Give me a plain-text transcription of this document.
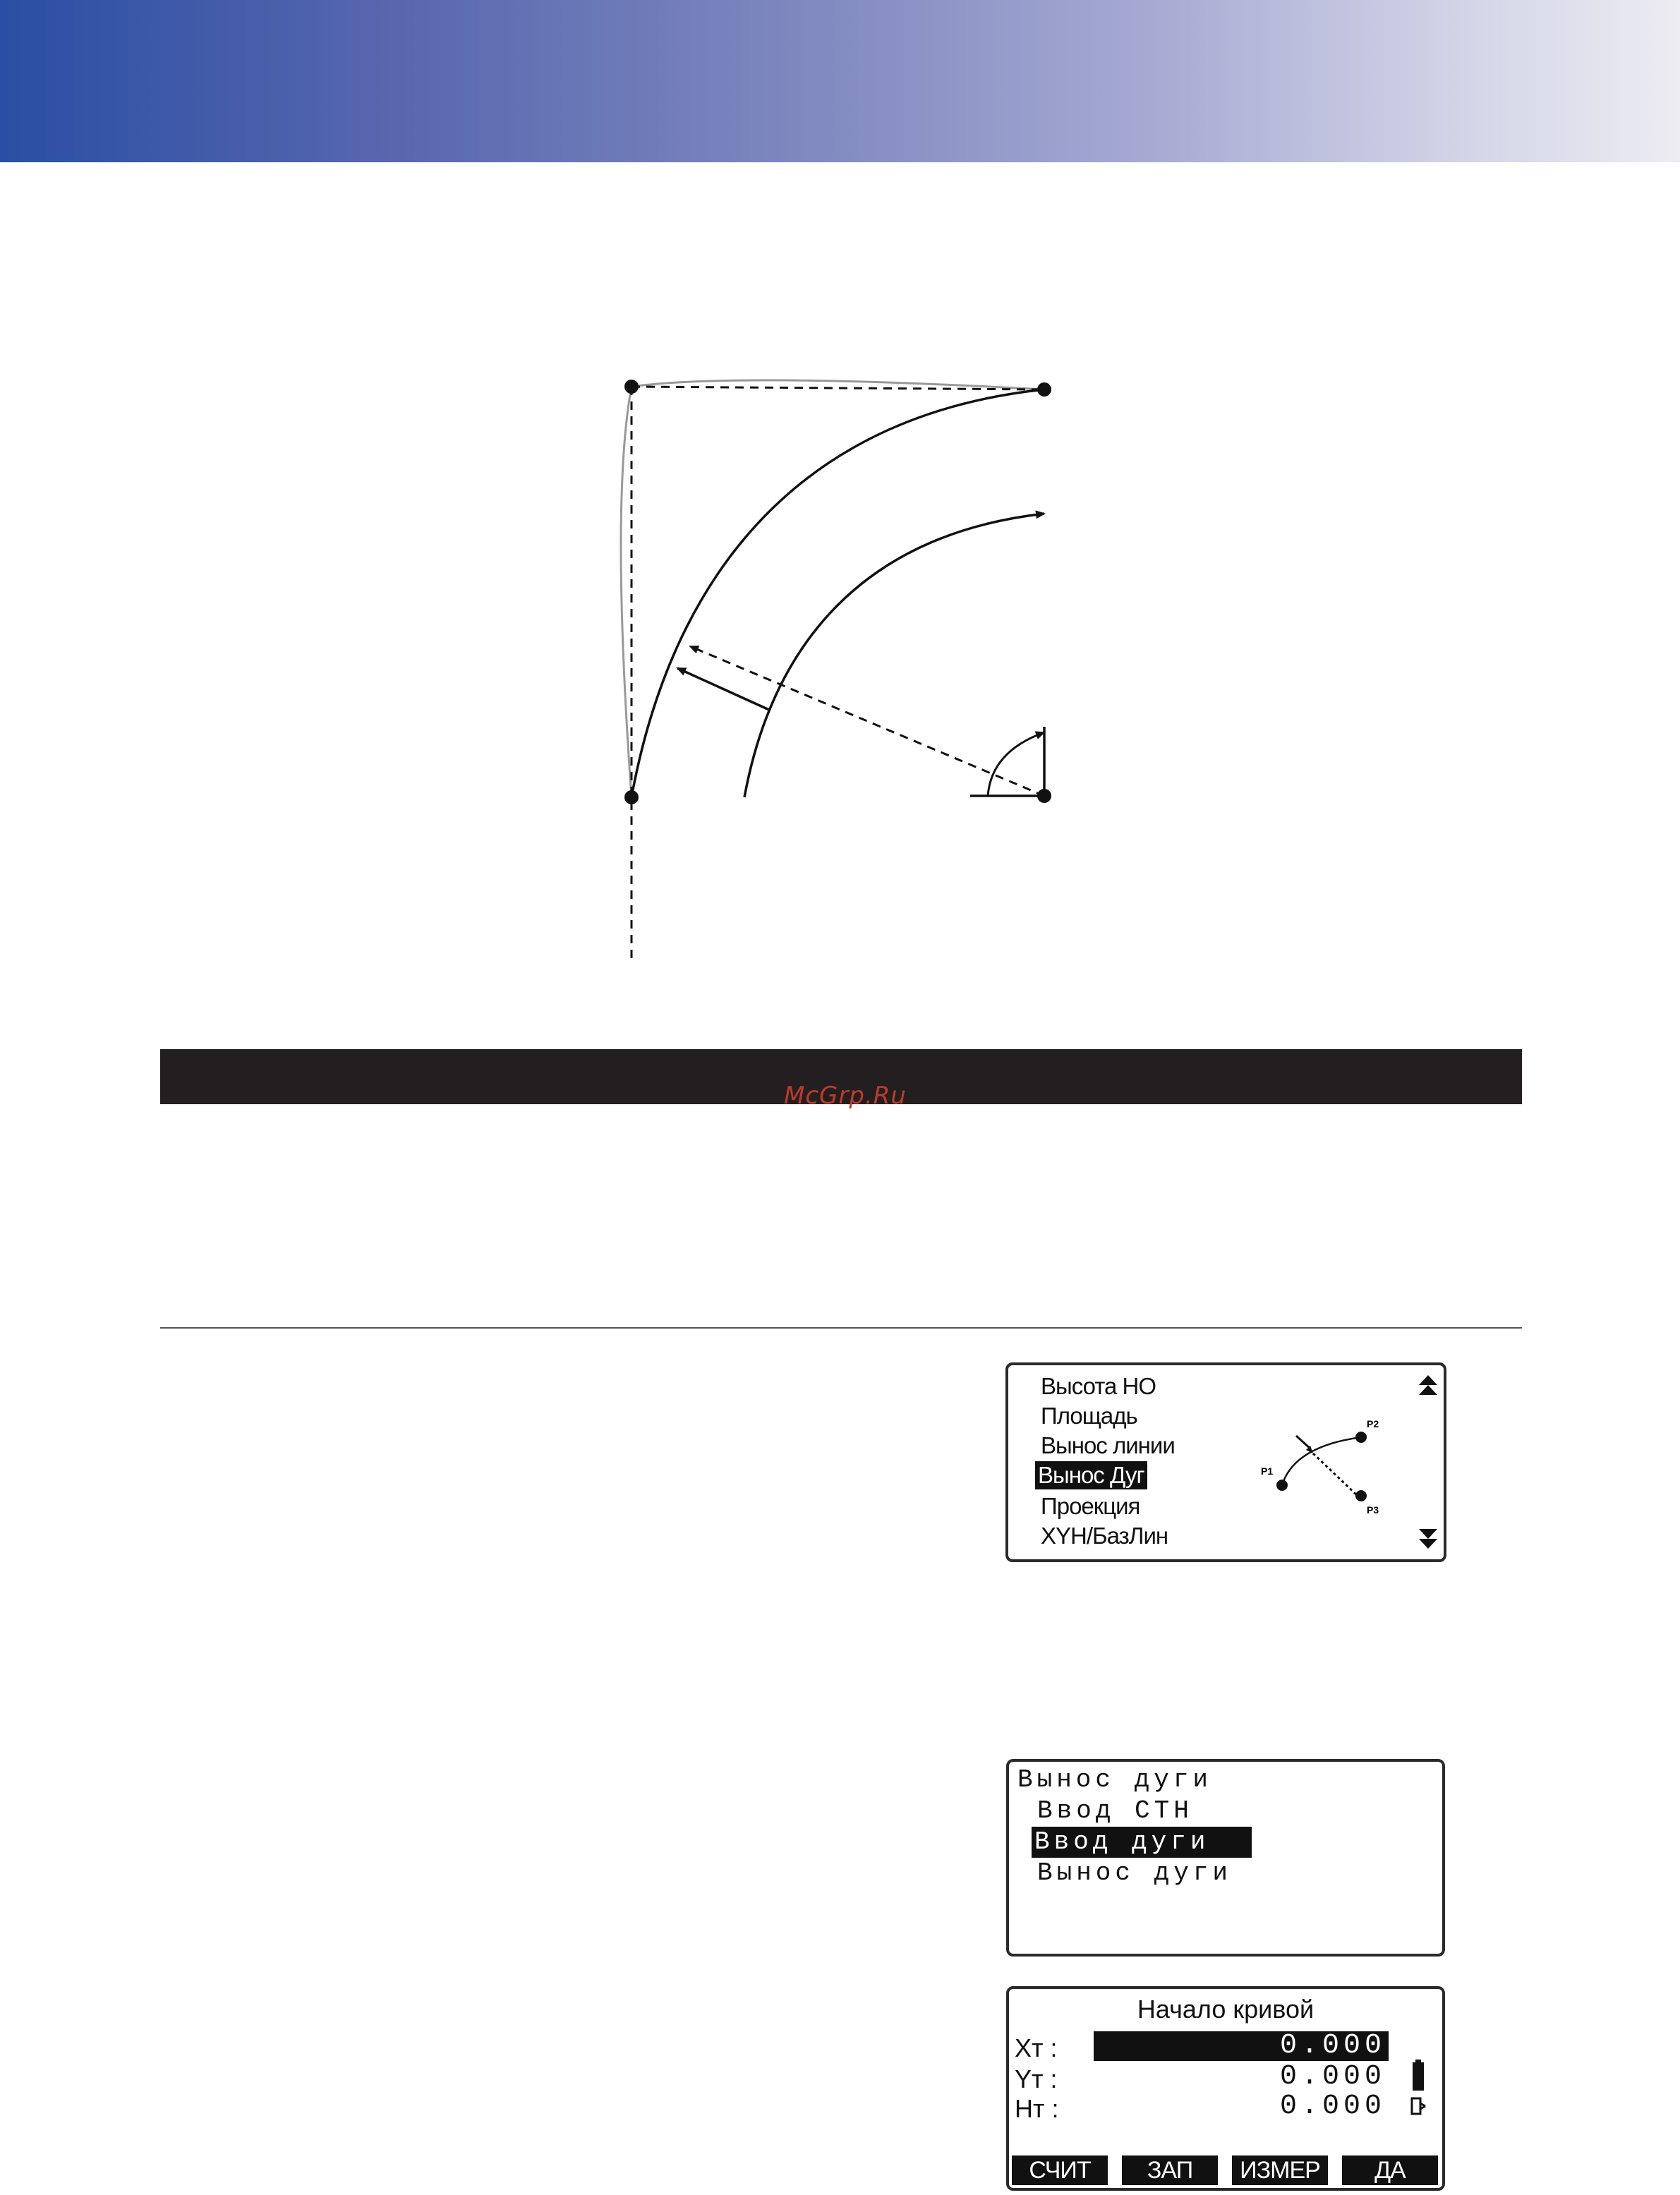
McGrp.Ru
Высота НО
Площадь
Вынос линии
Вынос Дуг
Проекция
XYH/БазЛин
P1
P2
P3
Вынос дуги
Ввод СТН
Ввод дуги
Вынос дуги
Начало кривой
Xт :	0.000
Yт :	0.000
Hт :	0.000
СЧИТ	ЗАП	ИЗМЕР	ДА
